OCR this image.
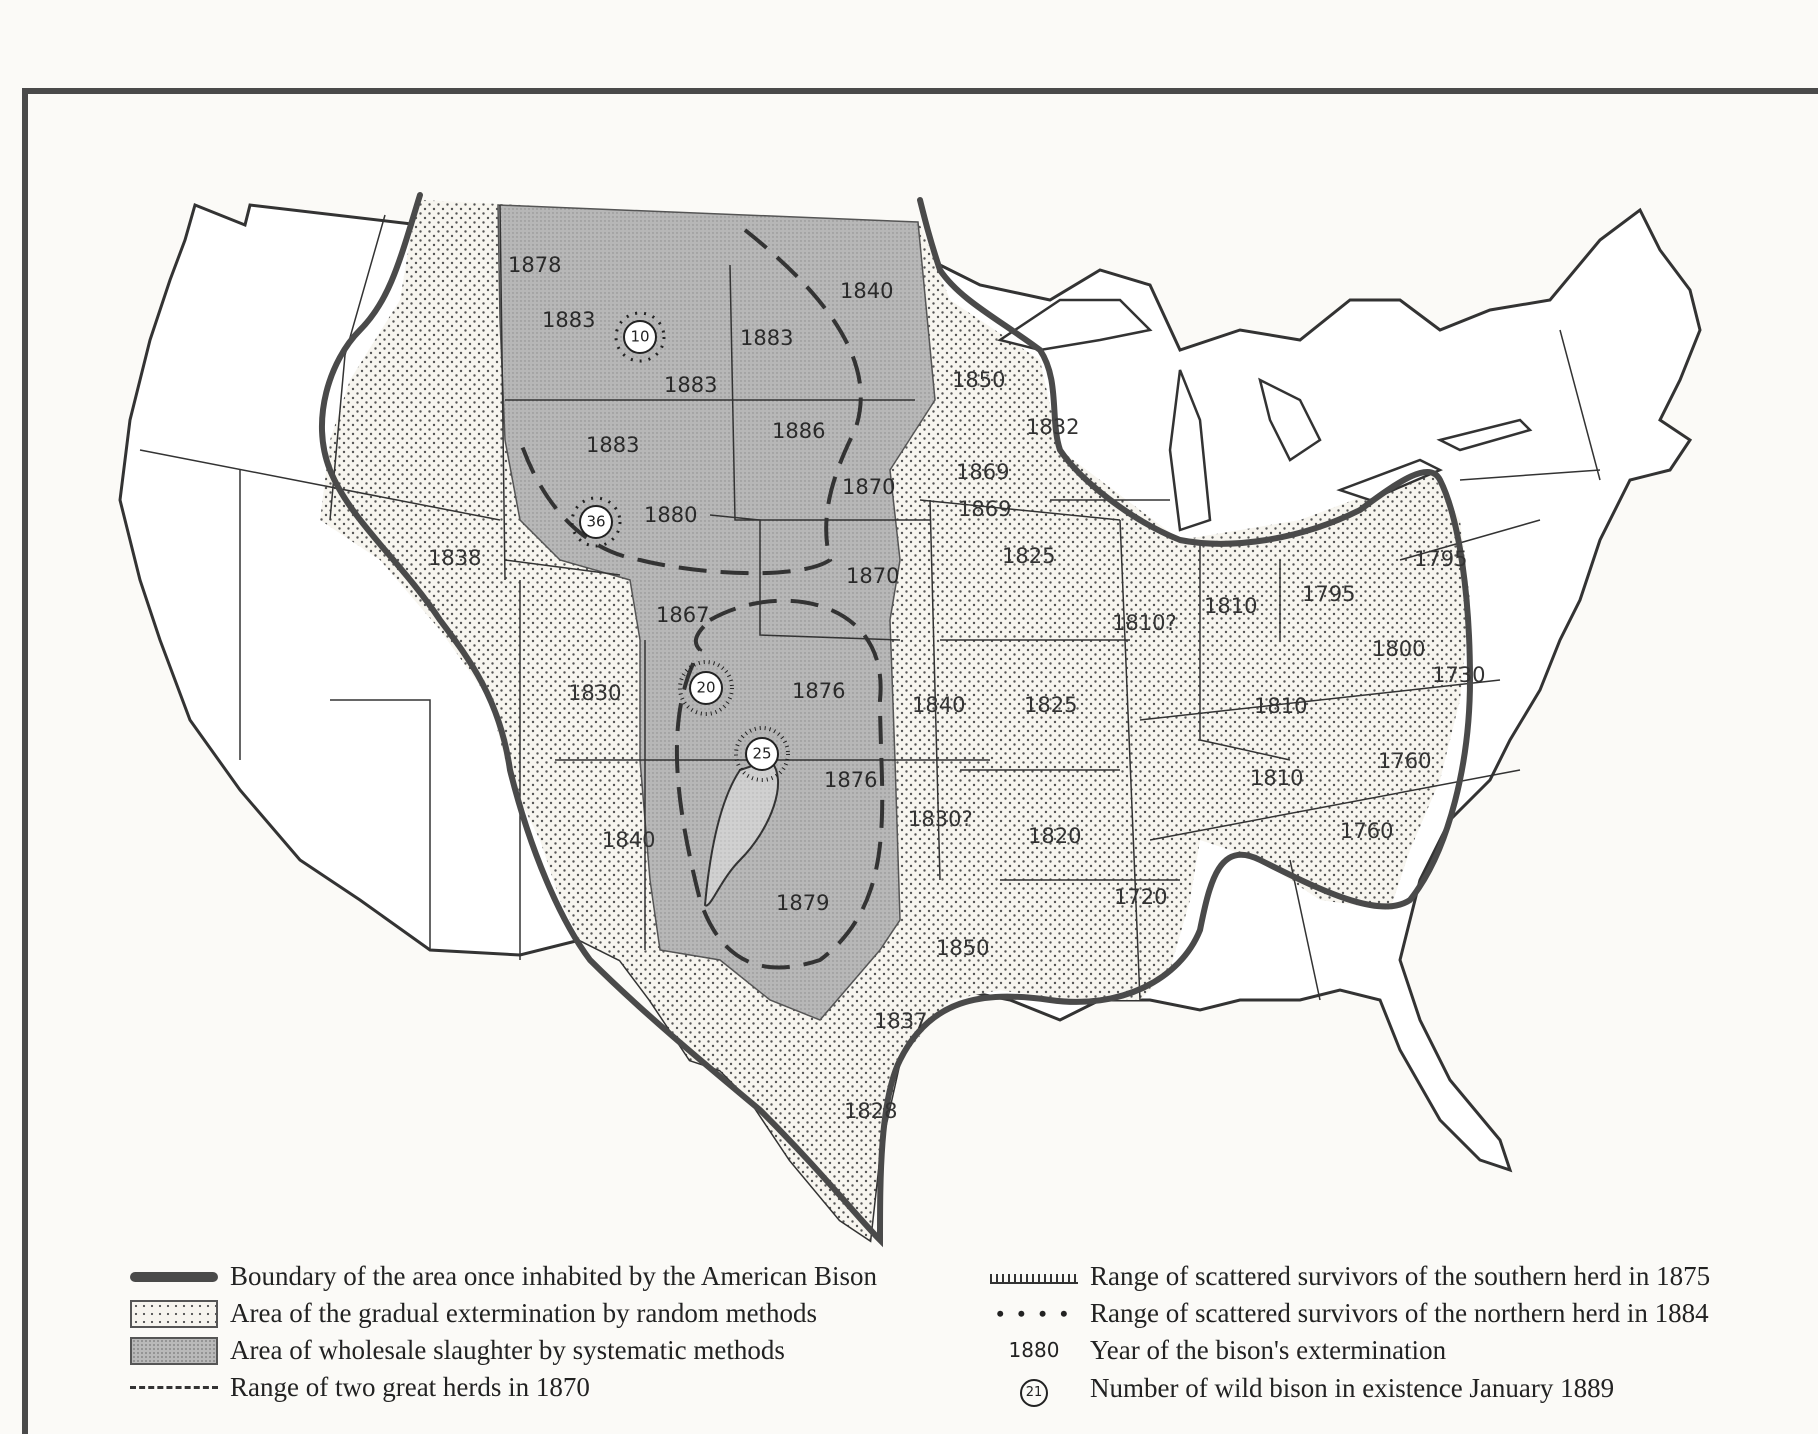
10
36
20
25
1878
1883
1883
1883
1883
1840
1886
1870
1880
1870
1867
1876
1876
1879
1850
1832
1869
1869
1825
1838
1830
1840
1825
1840
1830?
1820
1850
1837
1828
1720
1810?
1810 1795
1795
1800
1730
1810
1810
1760
1760
Boundary of the area once inhabited by the American Bison
Area of the gradual extermination by random methods
Area of wholesale slaughter by systematic methods
Range of two great herds in 1870
Range of scattered survivors of the southern herd in 1875
• • • • Range of scattered survivors of the northern herd in 1884
1880	Year of the bison's extermination
21	Number of wild bison in existence January 1889
